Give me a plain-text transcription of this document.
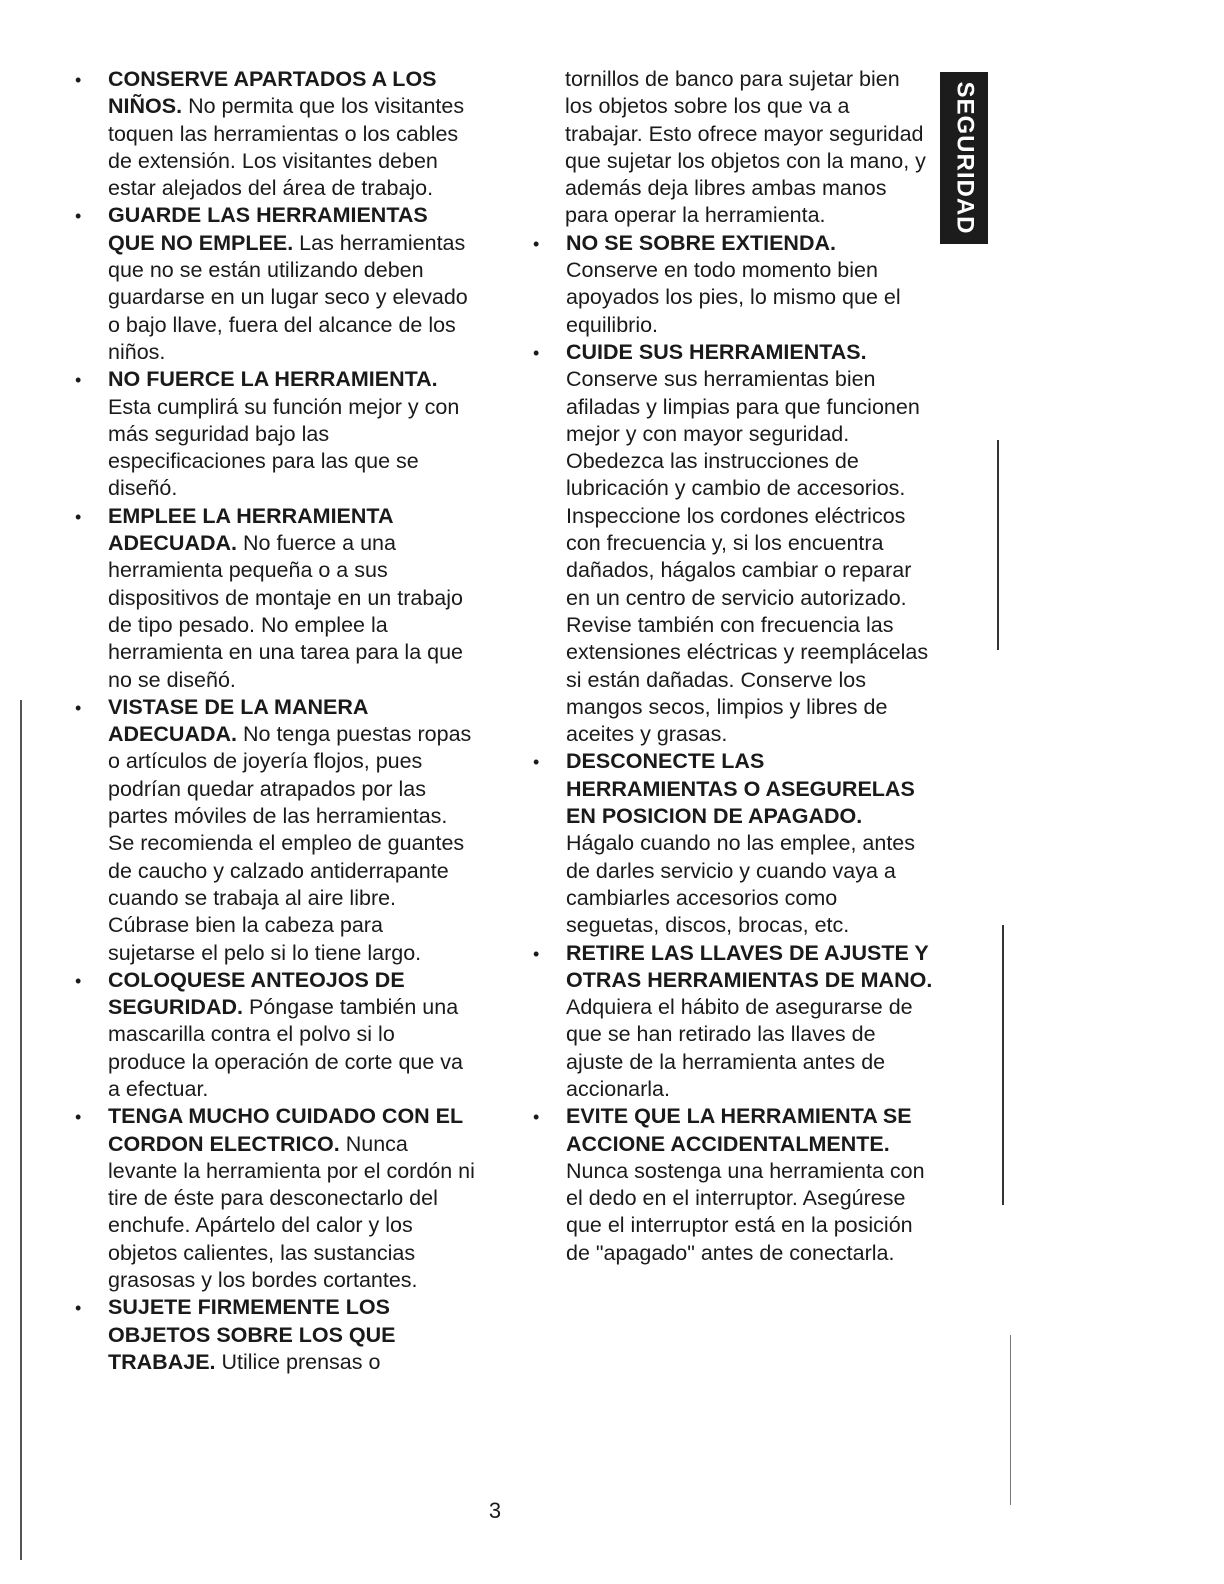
•
CONSERVE APARTADOS A LOS NIÑOS. No permita que los visitantes toquen las herramientas o los cables de extensión. Los visitantes deben estar alejados del área de trabajo.
•
GUARDE LAS HERRAMIENTAS QUE NO EMPLEE. Las herramientas que no se están utilizando deben guardarse en un lugar seco y elevado o bajo llave, fuera del alcance de los niños.
•
NO FUERCE LA HERRAMIENTA. Esta cumplirá su función mejor y con más seguridad bajo las especificaciones para las que se diseñó.
•
EMPLEE LA HERRAMIENTA ADECUADA. No fuerce a una herramienta pequeña o a sus dispositivos de montaje en un trabajo de tipo pesado. No emplee la herramienta en una tarea para la que no se diseñó.
•
VISTASE DE LA MANERA ADECUADA. No tenga puestas ropas o artículos de joyería flojos, pues podrían quedar atrapados por las partes móviles de las herramientas. Se recomienda el empleo de guantes de caucho y calzado antiderrapante cuando se trabaja al aire libre. Cúbrase bien la cabeza para sujetarse el pelo si lo tiene largo.
•
COLOQUESE ANTEOJOS DE SEGURIDAD. Póngase también una mascarilla contra el polvo si lo produce la operación de corte que va a efectuar.
•
TENGA MUCHO CUIDADO CON EL CORDON ELECTRICO. Nunca levante la herramienta por el cordón ni tire de éste para desconectarlo del enchufe. Apártelo del calor y los objetos calientes, las sustancias grasosas y los bordes cortantes.
•
SUJETE FIRMEMENTE LOS OBJETOS SOBRE LOS QUE TRABAJE. Utilice prensas o
tornillos de banco para sujetar bien los objetos sobre los que va a trabajar. Esto ofrece mayor seguridad que sujetar los objetos con la mano, y además deja libres ambas manos para operar la herramienta.
•
NO SE SOBRE EXTIENDA. Conserve en todo momento bien apoyados los pies, lo mismo que el equilibrio.
•
CUIDE SUS HERRAMIENTAS. Conserve sus herramientas bien afiladas y limpias para que funcionen mejor y con mayor seguridad. Obedezca las instrucciones de lubricación y cambio de accesorios. Inspeccione los cordones eléctricos con frecuencia y, si los encuentra dañados, hágalos cambiar o reparar en un centro de servicio autorizado. Revise también con frecuencia las extensiones eléctricas y reemplácelas si están dañadas. Conserve los mangos secos, limpios y libres de aceites y grasas.
•
DESCONECTE LAS HERRAMIENTAS O ASEGURELAS EN POSICION DE APAGADO. Hágalo cuando no las emplee, antes de darles servicio y cuando vaya a cambiarles accesorios como seguetas, discos, brocas, etc.
•
RETIRE LAS LLAVES DE AJUSTE Y OTRAS HERRAMIENTAS DE MANO. Adquiera el hábito de asegurarse de que se han retirado las llaves de ajuste de la herramienta antes de accionarla.
•
EVITE QUE LA HERRAMIENTA SE ACCIONE ACCIDENTALMENTE. Nunca sostenga una herramienta con el dedo en el interruptor. Asegúrese que el interruptor está en la posición de "apagado" antes de conectarla.
SEGURIDAD
3
